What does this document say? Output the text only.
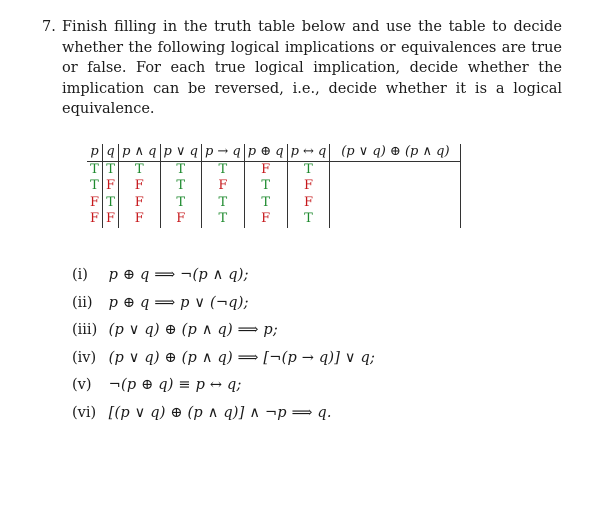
7. Finish filling in the truth table below and use the table to decide whether the following logical implications or equivalences are true or false. For each true logical implication, decide whether the implication can be reversed, i.e., decide whether it is a logical equivalence.

p	q	p ∧ q	p ∨ q	p → q	p ⊕ q	p ↔ q	(p ∨ q) ⊕ (p ∧ q)
T	T	T	T	T	F	T	
T	F	F	T	F	T	F	
F	T	F	T	T	T	F	
F	F	F	F	T	F	T	
(i) p ⊕ q ⟹ ¬(p ∧ q);
(ii) p ⊕ q ⟹ p ∨ (¬q);
(iii) (p ∨ q) ⊕ (p ∧ q) ⟹ p;
(iv) (p ∨ q) ⊕ (p ∧ q) ⟹ [¬(p → q)] ∨ q;
(v) ¬(p ⊕ q) ≡ p ↔ q;
(vi) [(p ∨ q) ⊕ (p ∧ q)] ∧ ¬p ⟹ q.
